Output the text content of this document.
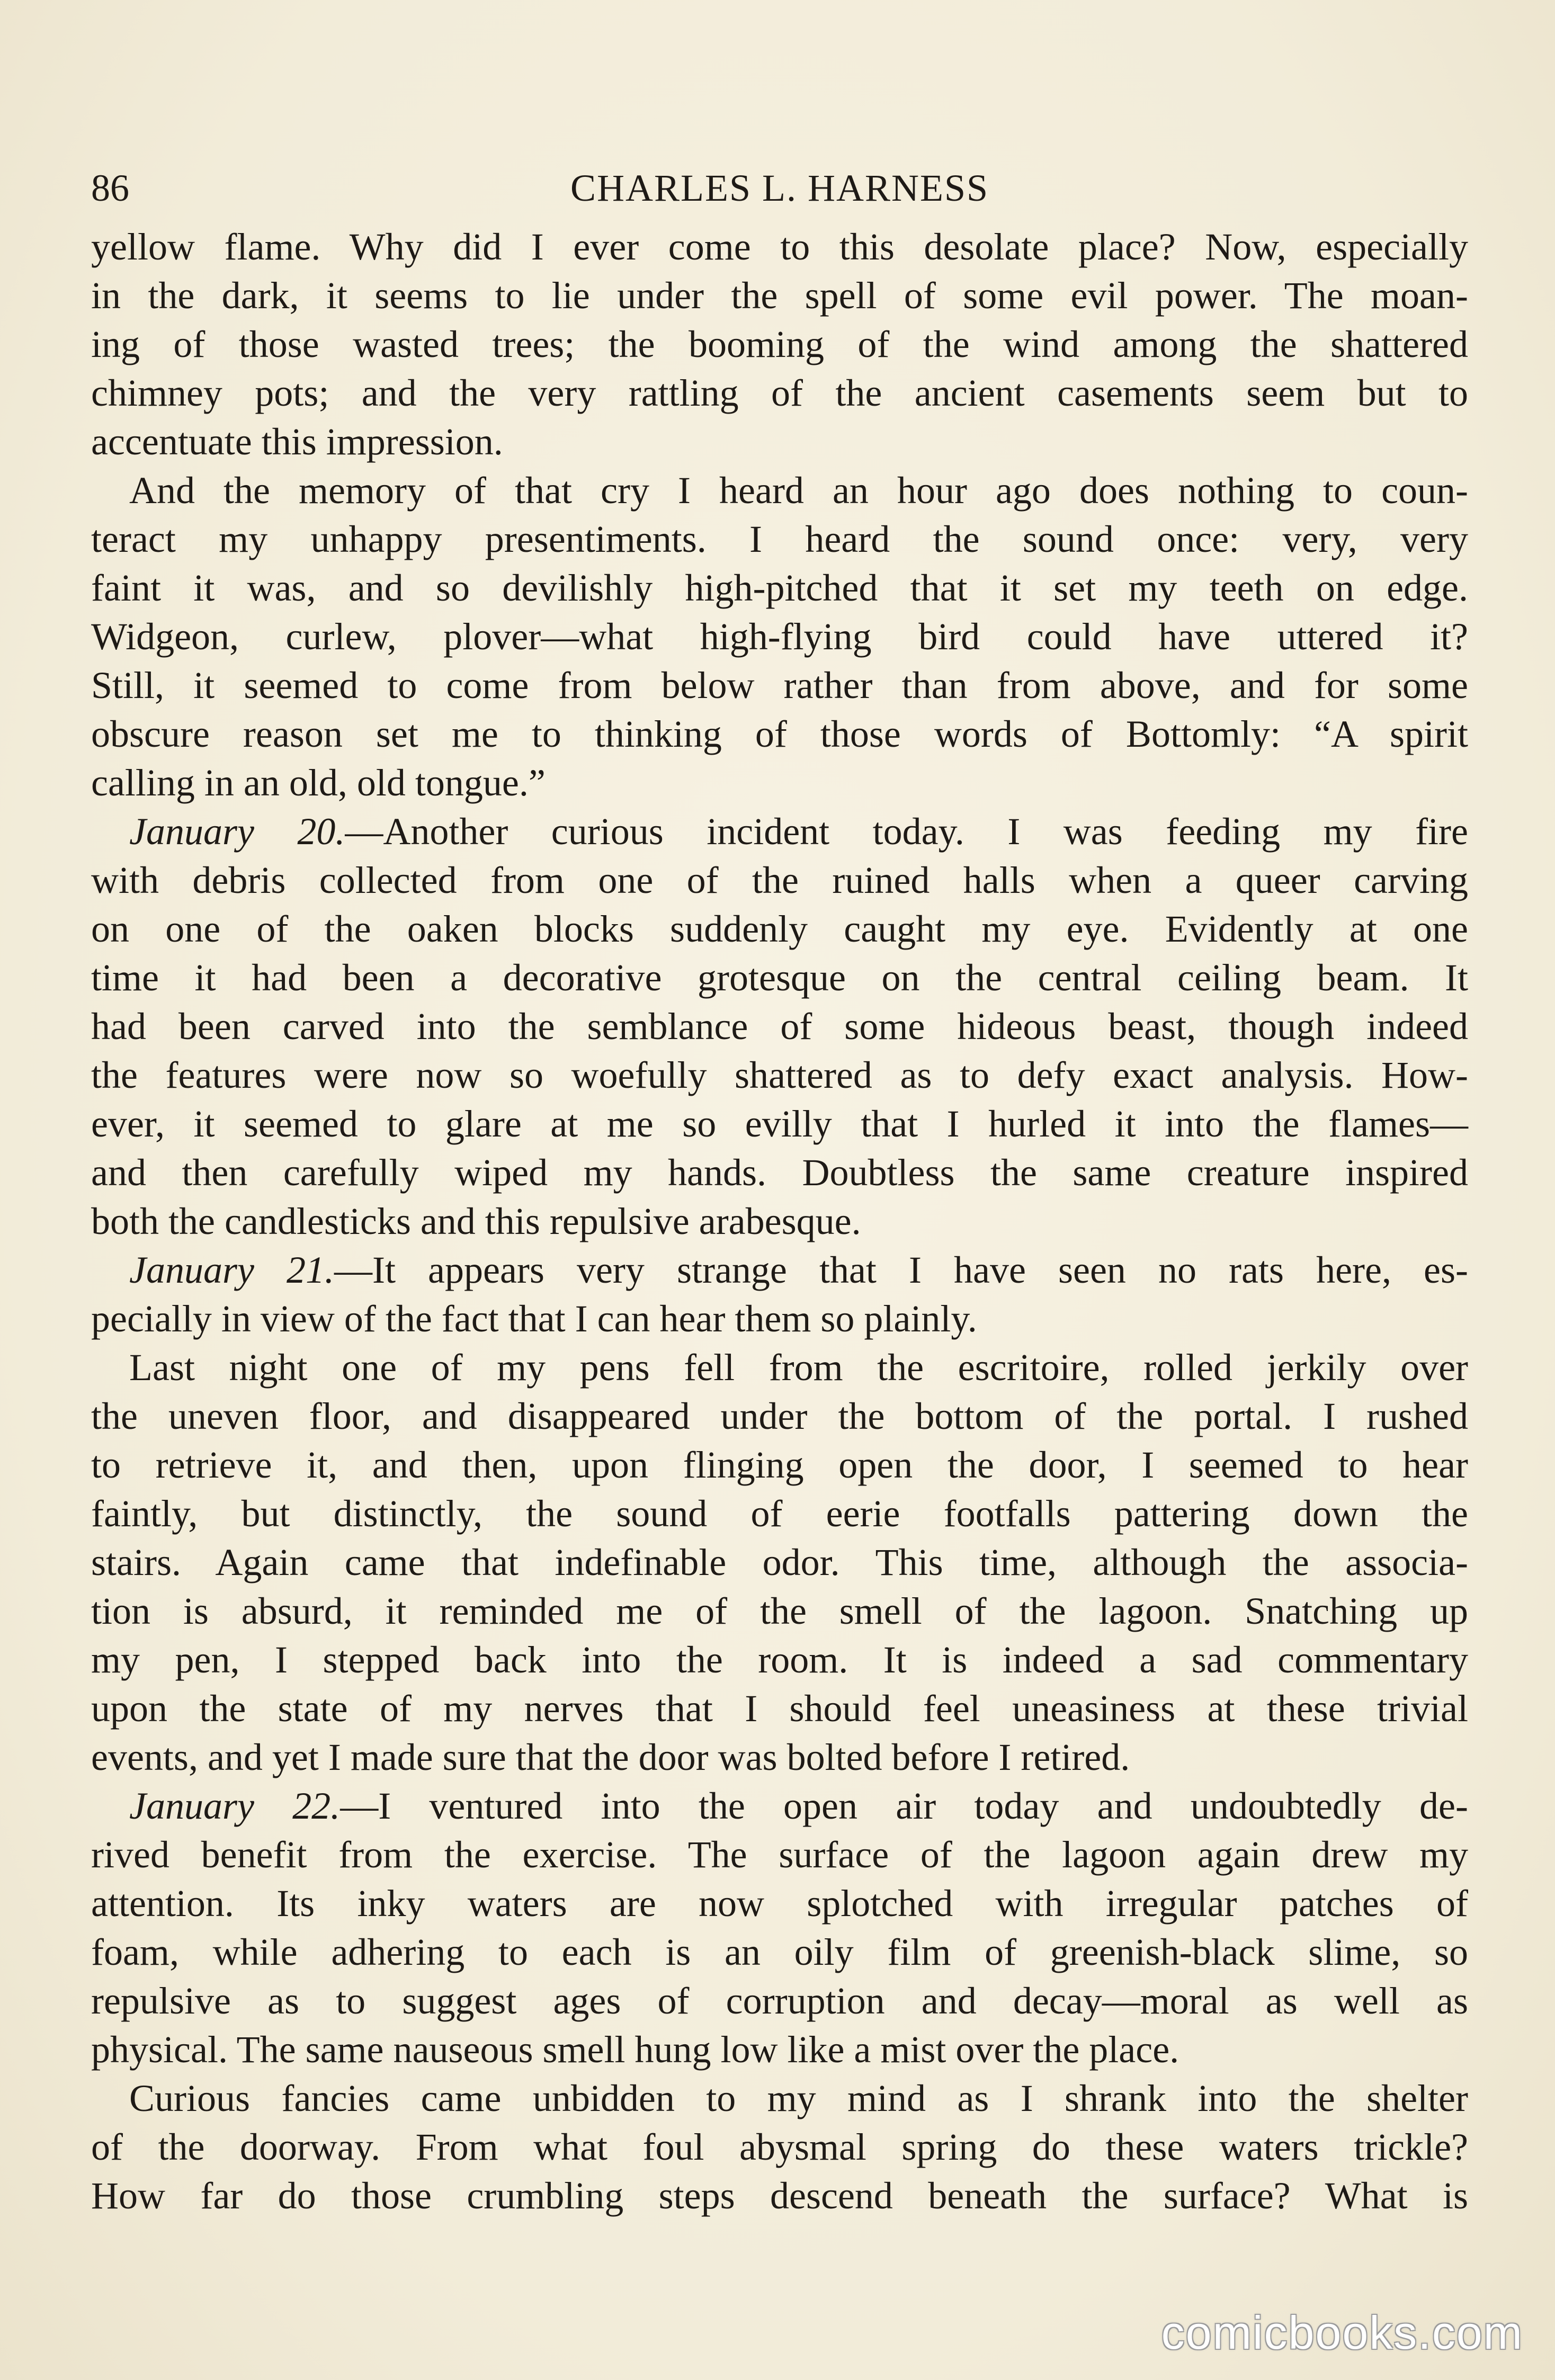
86	CHARLES L. HARNESS
yellow flame. Why did I ever come to this desolate place? Now, especially
in the dark, it seems to lie under the spell of some evil power. The moan-
ing of those wasted trees; the booming of the wind among the shattered
chimney pots; and the very rattling of the ancient casements seem but to
accentuate this impression.
And the memory of that cry I heard an hour ago does nothing to coun-
teract my unhappy presentiments. I heard the sound once: very, very
faint it was, and so devilishly high-pitched that it set my teeth on edge.
Widgeon, curlew, plover—what high-flying bird could have uttered it?
Still, it seemed to come from below rather than from above, and for some
obscure reason set me to thinking of those words of Bottomly: “A spirit
calling in an old, old tongue.”
January 20.—Another curious incident today. I was feeding my fire
with debris collected from one of the ruined halls when a queer carving
on one of the oaken blocks suddenly caught my eye. Evidently at one
time it had been a decorative grotesque on the central ceiling beam. It
had been carved into the semblance of some hideous beast, though indeed
the features were now so woefully shattered as to defy exact analysis. How-
ever, it seemed to glare at me so evilly that I hurled it into the flames—
and then carefully wiped my hands. Doubtless the same creature inspired
both the candlesticks and this repulsive arabesque.
January 21.—It appears very strange that I have seen no rats here, es-
pecially in view of the fact that I can hear them so plainly.
Last night one of my pens fell from the escritoire, rolled jerkily over
the uneven floor, and disappeared under the bottom of the portal. I rushed
to retrieve it, and then, upon flinging open the door, I seemed to hear
faintly, but distinctly, the sound of eerie footfalls pattering down the
stairs. Again came that indefinable odor. This time, although the associa-
tion is absurd, it reminded me of the smell of the lagoon. Snatching up
my pen, I stepped back into the room. It is indeed a sad commentary
upon the state of my nerves that I should feel uneasiness at these trivial
events, and yet I made sure that the door was bolted before I retired.
January 22.—I ventured into the open air today and undoubtedly de-
rived benefit from the exercise. The surface of the lagoon again drew my
attention. Its inky waters are now splotched with irregular patches of
foam, while adhering to each is an oily film of greenish-black slime, so
repulsive as to suggest ages of corruption and decay—moral as well as
physical. The same nauseous smell hung low like a mist over the place.
Curious fancies came unbidden to my mind as I shrank into the shelter
of the doorway. From what foul abysmal spring do these waters trickle?
How far do those crumbling steps descend beneath the surface? What is
comicbooks.com
